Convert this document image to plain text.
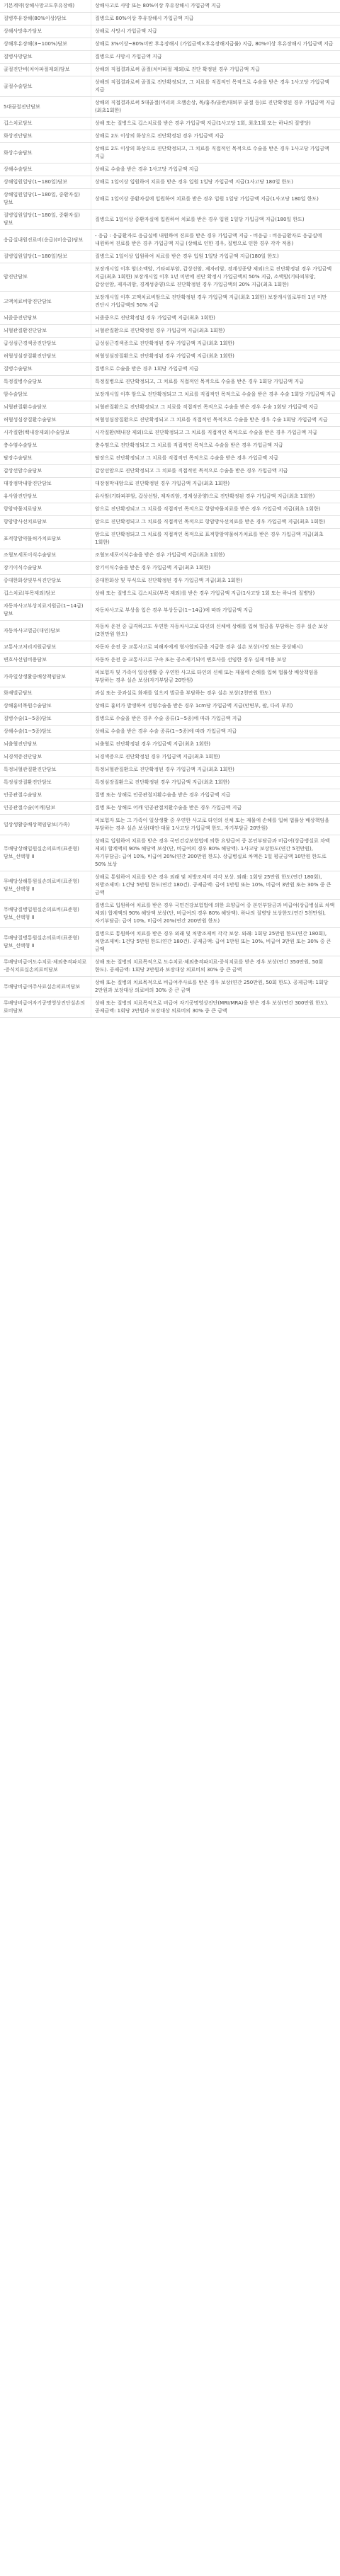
기본계약(상해사망고도후유장해)	상해사고로 사망 또는 80%이상 후유장해시 가입금액 지급
질병후유장해(80%이상)담보	질병으로 80%이상 후유장해시 가입금액 지급
상해사망추가담보	상해로 사망시 가입금액 지급
상해후유장해(3~100%)담보	상해로 3%이상~80%미만 후유장해시 (가입금액×후유장해지급률) 지급, 80%이상 후유장해시 가입금액 지급
질병사망담보	질병으로 사망시 가입금액 지급
골절진단비(치아파절제외)담보	상해의 직접결과로써 골절(치아파절 제외)로 진단 확정된 경우 가입금액 지급
골절수술담보	상해의 직접결과로써 골절로 진단확정되고, 그 치료를 직접적인 목적으로 수술을 받은 경우 1사고당 가입금액 지급
5대골절진단담보	상해의 직접결과로써 5대골절(머리의 으깸손상, 목/흉추/골반/대퇴부 골절 등)로 진단확정된 경우 가입금액 지급(최초1회한)
깁스치료담보	상해 또는 질병으로 깁스치료를 받은 경우 가입금액 지급(1사고당 1회, 최초1회 또는 하나의 질병당)
화상진단담보	상해로 2도 이상의 화상으로 진단확정된 경우 가입금액 지급
화상수술담보	상해로 2도 이상의 화상으로 진단확정되고, 그 치료를 직접적인 목적으로 수술을 받은 경우 1사고당 가입금액 지급
상해수술담보	상해로 수술을 받은 경우 1사고당 가입금액 지급
상해입원일당(1~180일)담보	상해로 1일이상 입원하여 치료를 받은 경우 입원 1일당 가입금액 지급(1사고당 180일 한도)
상해입원일당(1~180일, 중환자실)담보	상해로 1일이상 중환자실에 입원하여 치료를 받은 경우 입원 1일당 가입금액 지급(1사고당 180일 한도)
질병입원일당(1~180일, 중환자실)담보	질병으로 1일이상 중환자실에 입원하여 치료를 받은 경우 입원 1일당 가입금액 지급(180일 한도)
응급실내원진료비(응급)(비응급)담보	- 응급 : 응급환자로 응급실에 내원하여 진료를 받은 경우 가입금액 지급 - 비응급 : 비응급환자로 응급실에 내원하여 진료를 받은 경우 가입금액 지급 (상해로 인한 경우, 질병으로 인한 경우 각각 적용)
질병입원일당(1~180일)담보	질병으로 1일이상 입원하여 치료를 받은 경우 입원 1일당 가입금액 지급(180일 한도)
암진단담보	보장개시일 이후 암(소액암, 기타피부암, 갑상선암, 제자리암, 경계성종양 제외)으로 진단확정된 경우 가입금액 지급(최초 1회한) 보장개시일 이후 1년 미만에 진단 확정시 가입금액의 50% 지급, 소액암(기타피부암, 갑상선암, 제자리암, 경계성종양)으로 진단확정된 경우 가입금액의 20% 지급(최초 1회한)
고액치료비암진단담보	보장개시일 이후 고액치료비암으로 진단확정된 경우 가입금액 지급(최초 1회한) 보장개시일로부터 1년 미만 진단시 가입금액의 50% 지급
뇌졸중진단담보	뇌졸중으로 진단확정된 경우 가입금액 지급(최초 1회한)
뇌혈관질환진단담보	뇌혈관질환으로 진단확정된 경우 가입금액 지급(최초 1회한)
급성심근경색증진단담보	급성심근경색증으로 진단확정된 경우 가입금액 지급(최초 1회한)
허혈성심장질환진단담보	허혈성심장질환으로 진단확정된 경우 가입금액 지급(최초 1회한)
질병수술담보	질병으로 수술을 받은 경우 1회당 가입금액 지급
특정질병수술담보	특정질병으로 진단확정되고, 그 치료를 직접적인 목적으로 수술을 받은 경우 1회당 가입금액 지급
암수술담보	보장개시일 이후 암으로 진단확정되고 그 치료를 직접적인 목적으로 수술을 받은 경우 수술 1회당 가입금액 지급
뇌혈관질환수술담보	뇌혈관질환으로 진단확정되고 그 치료를 직접적인 목적으로 수술을 받은 경우 수술 1회당 가입금액 지급
허혈성심장질환수술담보	허혈성심장질환으로 진단확정되고 그 치료를 직접적인 목적으로 수술을 받은 경우 수술 1회당 가입금액 지급
시각질환(백내장제외)수술담보	시각질환(백내장 제외)으로 진단확정되고 그 치료를 직접적인 목적으로 수술을 받은 경우 가입금액 지급
충수염수술담보	충수염으로 진단확정되고 그 치료를 직접적인 목적으로 수술을 받은 경우 가입금액 지급
탈장수술담보	탈장으로 진단확정되고 그 치료를 직접적인 목적으로 수술을 받은 경우 가입금액 지급
갑상선암수술담보	갑상선암으로 진단확정되고 그 치료를 직접적인 목적으로 수술을 받은 경우 가입금액 지급
대장점막내암진단담보	대장점막내암으로 진단확정된 경우 가입금액 지급(최초 1회한)
유사암진단담보	유사암(기타피부암, 갑상선암, 제자리암, 경계성종양)으로 진단확정된 경우 가입금액 지급(최초 1회한)
항암약물치료담보	암으로 진단확정되고 그 치료를 직접적인 목적으로 항암약물치료를 받은 경우 가입금액 지급(최초 1회한)
항암방사선치료담보	암으로 진단확정되고 그 치료를 직접적인 목적으로 항암방사선치료를 받은 경우 가입금액 지급(최초 1회한)
표적항암약물허가치료담보	암으로 진단확정되고 그 치료를 직접적인 목적으로 표적항암약물허가치료를 받은 경우 가입금액 지급(최초 1회한)
조혈모세포이식수술담보	조혈모세포이식수술을 받은 경우 가입금액 지급(최초 1회한)
장기이식수술담보	장기이식수술을 받은 경우 가입금액 지급(최초 1회한)
중대한화상및부식진단담보	중대한화상 및 부식으로 진단확정된 경우 가입금액 지급(최초 1회한)
깁스치료(부목제외)담보	상해 또는 질병으로 깁스치료(부목 제외)를 받은 경우 가입금액 지급(1사고당 1회 또는 하나의 질병당)
자동차사고부상치료지원금(1~14급)담보	자동차사고로 부상을 입은 경우 부상등급(1~14급)에 따라 가입금액 지급
자동차사고벌금(대인)담보	자동차 운전 중 급격하고도 우연한 자동차사고로 타인의 신체에 상해를 입혀 벌금을 부담하는 경우 실손 보상(2천만원 한도)
교통사고처리지원금담보	자동차 운전 중 교통사고로 피해자에게 형사합의금을 지급한 경우 실손 보상(사망 또는 중상해시)
변호사선임비용담보	자동차 운전 중 교통사고로 구속 또는 공소제기되어 변호사를 선임한 경우 실제 비용 보상
가족일상생활중배상책임담보	피보험자 및 가족이 일상생활 중 우연한 사고로 타인의 신체 또는 재물에 손해를 입혀 법률상 배상책임을 부담하는 경우 실손 보상(자기부담금 20만원)
화재벌금담보	과실 또는 중과실로 화재를 일으켜 벌금을 부담하는 경우 실손 보상(2천만원 한도)
상해흉터복원수술담보	상해로 흉터가 발생하여 성형수술을 받은 경우 1cm당 가입금액 지급(안면부, 팔, 다리 부위)
질병수술(1~5종)담보	질병으로 수술을 받은 경우 수술 종류(1~5종)에 따라 가입금액 지급
상해수술(1~5종)담보	상해로 수술을 받은 경우 수술 종류(1~5종)에 따라 가입금액 지급
뇌출혈진단담보	뇌출혈로 진단확정된 경우 가입금액 지급(최초 1회한)
뇌경색증진단담보	뇌경색증으로 진단확정된 경우 가입금액 지급(최초 1회한)
특정뇌혈관질환진단담보	특정뇌혈관질환으로 진단확정된 경우 가입금액 지급(최초 1회한)
특정심장질환진단담보	특정심장질환으로 진단확정된 경우 가입금액 지급(최초 1회한)
인공관절수술담보	질병 또는 상해로 인공관절치환수술을 받은 경우 가입금액 지급
인공관절수술(어깨)담보	질병 또는 상해로 어깨 인공관절치환수술을 받은 경우 가입금액 지급
일상생활중배상책임담보(가족)	피보험자 또는 그 가족이 일상생활 중 우연한 사고로 타인의 신체 또는 재물에 손해를 입혀 법률상 배상책임을 부담하는 경우 실손 보상(대인·대물 1사고당 가입금액 한도, 자기부담금 20만원)
무배당상해입원실손의료비(표준형)담보_선택형 II	상해로 입원하여 치료를 받은 경우 국민건강보험법에 의한 요양급여 중 본인부담금과 비급여(상급병실료 차액 제외) 합계액의 90% 해당액 보상(단, 비급여의 경우 80% 해당액). 1사고당 보상한도(연간 5천만원), 자기부담금: 급여 10%, 비급여 20%(연간 200만원 한도). 상급병실료 차액은 1일 평균금액 10만원 한도로 50% 보상
무배당상해통원실손의료비(표준형)담보_선택형 II	상해로 통원하여 치료를 받은 경우 외래 및 처방조제비 각각 보상. 외래: 1회당 25만원 한도(연간 180회), 처방조제비: 1건당 5만원 한도(연간 180건). 공제금액: 급여 1만원 또는 10%, 비급여 3만원 또는 30% 중 큰 금액
무배당질병입원실손의료비(표준형)담보_선택형 II	질병으로 입원하여 치료를 받은 경우 국민건강보험법에 의한 요양급여 중 본인부담금과 비급여(상급병실료 차액 제외) 합계액의 90% 해당액 보상(단, 비급여의 경우 80% 해당액). 하나의 질병당 보상한도(연간 5천만원), 자기부담금: 급여 10%, 비급여 20%(연간 200만원 한도)
무배당질병통원실손의료비(표준형)담보_선택형 II	질병으로 통원하여 치료를 받은 경우 외래 및 처방조제비 각각 보상. 외래: 1회당 25만원 한도(연간 180회), 처방조제비: 1건당 5만원 한도(연간 180건). 공제금액: 급여 1만원 또는 10%, 비급여 3만원 또는 30% 중 큰 금액
무배당비급여도수치료·체외충격파치료·증식치료실손의료비담보	상해 또는 질병의 치료목적으로 도수치료·체외충격파치료·증식치료를 받은 경우 보상(연간 350만원, 50회 한도). 공제금액: 1회당 2만원과 보장대상 의료비의 30% 중 큰 금액
무배당비급여주사료실손의료비담보	상해 또는 질병의 치료목적으로 비급여주사료를 받은 경우 보상(연간 250만원, 50회 한도). 공제금액: 1회당 2만원과 보장대상 의료비의 30% 중 큰 금액
무배당비급여자기공명영상진단실손의료비담보	상해 또는 질병의 치료목적으로 비급여 자기공명영상진단(MRI/MRA)을 받은 경우 보상(연간 300만원 한도). 공제금액: 1회당 2만원과 보장대상 의료비의 30% 중 큰 금액
